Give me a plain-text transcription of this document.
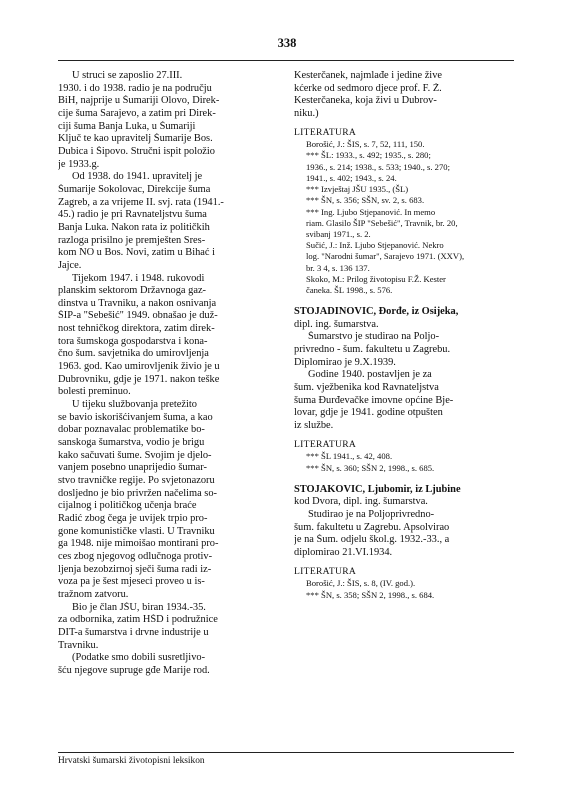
338
U struci se zaposlio 27.III.
1930. i do 1938. radio je na području
BiH, najprije u Šumariji Olovo, Direk-
cije šuma Sarajevo, a zatim pri Direk-
ciji šuma Banja Luka, u Šumariji
Ključ te kao upravitelj Šumarije Bos.
Dubica i Šipovo. Stručni ispit položio
je 1933.g.
Od 1938. do 1941. upravitelj je
Šumarije Sokolovac, Direkcije šuma
Zagreb, a za vrijeme II. svj. rata (1941.-
45.) radio je pri Ravnateljstvu šuma
Banja Luka. Nakon rata iz političkih
razloga prisilno je premješten Sres-
kom NO u Bos. Novi, zatim u Bihać i
Jajce.
Tijekom 1947. i 1948. rukovodi
planskim sektorom Državnoga gaz-
dinstva u Travniku, a nakon osnivanja
ŠIP-a "Sebešić" 1949. obnašao je duž-
nost tehničkog direktora, zatim direk-
tora šumskoga gospodarstva i kona-
čno šum. savjetnika do umirovljenja
1963. god. Kao umirovljenik živio je u
Dubrovniku, gdje je 1971. nakon teške
bolesti preminuo.
U tijeku službovanja pretežito
se bavio iskorišćivanjem šuma, a kao
dobar poznavalac problematike bo-
sanskoga šumarstva, vodio je brigu
kako sačuvati šume. Svojim je djelo-
vanjem posebno unaprijedio šumar-
stvo travničke regije. Po svjetonazoru
dosljedno je bio privržen načelima so-
cijalnog i političkog učenja braće
Radić zbog čega je uvijek trpio pro-
gone komunističke vlasti. U Travniku
ga 1948. nije mimoišao montirani pro-
ces zbog njegovog odlučnoga protiv-
ljenja bezobzirnoj sječi šuma radi iz-
voza pa je šest mjeseci proveo u is-
tražnom zatvoru.
Bio je član JŠU, biran 1934.-35.
za odbornika, zatim HŠD i podružnice
DIT-a šumarstva i drvne industrije u
Travniku.
(Podatke smo dobili susretljivo-
šću njegove supruge gđe Marije rod.
Kesterčanek, najmlađe i jedine žive
kćerke od sedmoro djece prof. F. Ž.
Kesterčaneka, koja živi u Dubrov-
niku.)
LITERATURA
Borošić, J.: ŠIS, s. 7, 52, 111, 150.
*** ŠL: 1933., s. 492; 1935., s. 280;
1936., s. 214; 1938., s. 533; 1940., s. 270;
1941., s. 402; 1943., s. 24.
*** Izvještaj JŠU 1935., (ŠL)
*** ŠN, s. 356; SŠN, sv. 2, s. 683.
*** Ing. Ljubo Stjepanović. In memo
riam. Glasilo ŠIP "Sebešić", Travnik, br. 20,
svibanj 1971., s. 2.
Sučić, J.: Inž. Ljubo Stjepanović. Nekro
log. "Narodni šumar", Sarajevo 1971. (XXV),
br. 3 4, s. 136 137.
Skoko, M.: Prilog životopisu F.Ž. Kester
čaneka. ŠL 1998., s. 576.
STOJADINOVIĆ, Đorđe, iz Osijeka,
dipl. ing. šumarstva.
Šumarstvo je studirao na Poljo-
privredno - šum. fakultetu u Zagrebu.
Diplomirao je 9.X.1939.
Godine 1940. postavljen je za
šum. vježbenika kod Ravnateljstva
šuma Đurđevačke imovne općine Bje-
lovar, gdje je 1941. godine otpušten
iz službe.
LITERATURA
*** ŠL 1941., s. 42, 408.
*** ŠN, s. 360; SŠN 2, 1998., s. 685.
STOJAKOVIĆ, Ljubomir, iz Ljubine
kod Dvora, dipl. ing. šumarstva.
Studirao je na Poljoprivredno-
šum. fakultetu u Zagrebu. Apsolvirao
je na Šum. odjelu škol.g. 1932.-33., a
diplomirao 21.VI.1934.
LITERATURA
Borošić, J.: ŠIS, s. 8, (IV. god.).
*** ŠN, s. 358; SŠN 2, 1998., s. 684.
Hrvatski šumarski životopisni leksikon
